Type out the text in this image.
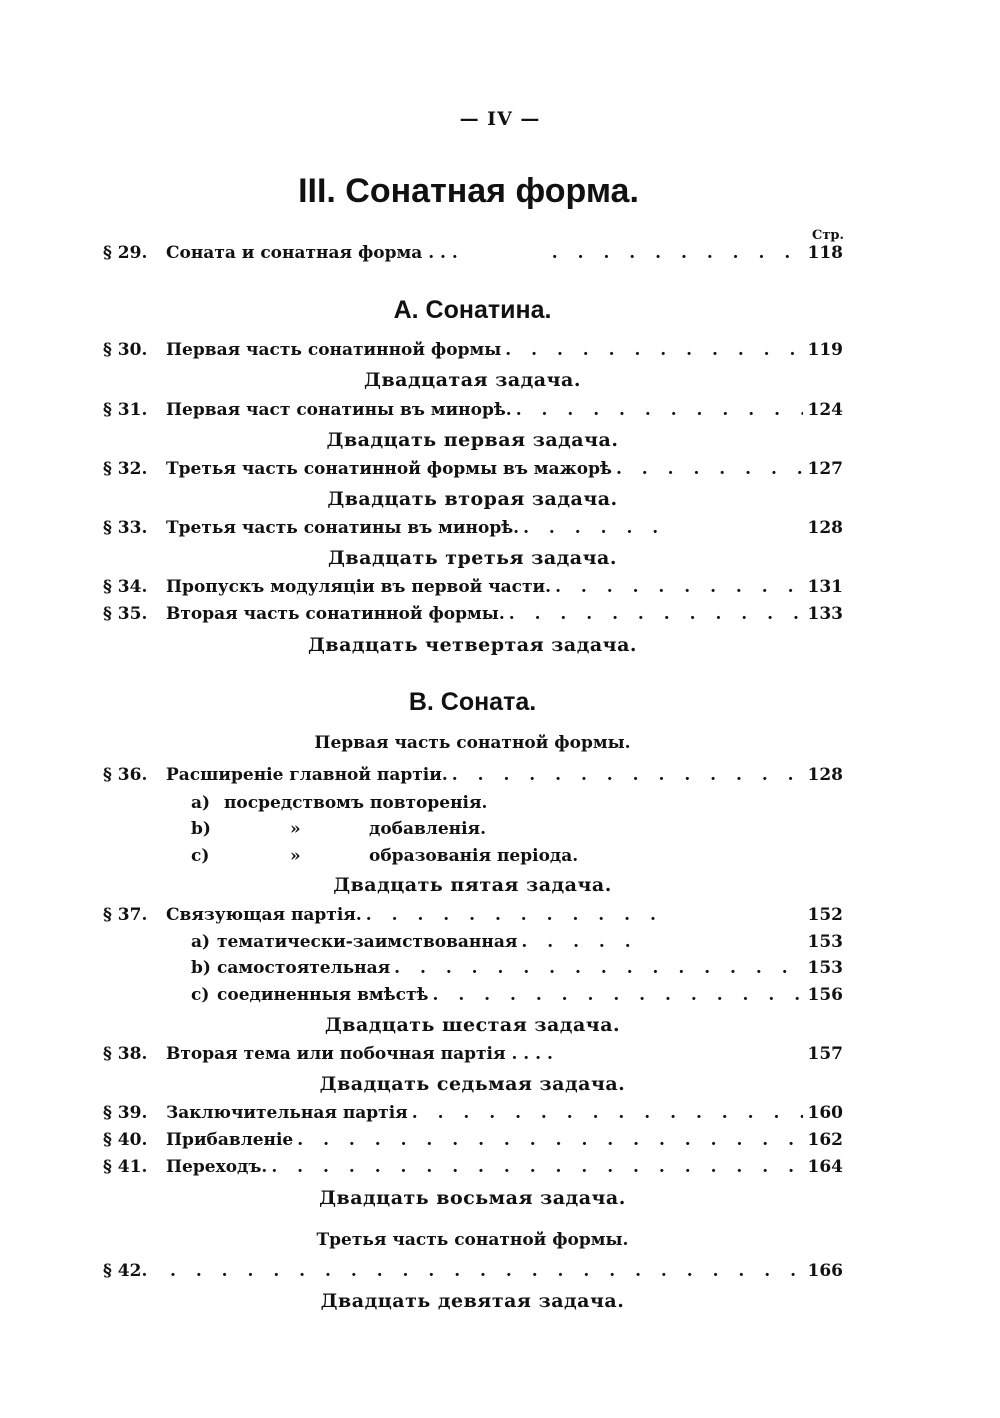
— IV —
III. Сонатная форма.
Стр.
§ 29.	Соната и сонатная форма . . . . . .	118
А. Сонатина.
§ 30.	Первая часть сонатинной формы . . .	119
Двадцатая задача.
§ 31.	Первая част сонатины въ минорѣ. . . .	124
Двадцать первая задача.
§ 32.	Третья часть сонатинной формы въ мажорѣ . . .	127
Двадцать вторая задача.
§ 33.	Третья часть сонатины въ минорѣ. . . .	128
Двадцать третья задача.
§ 34.	Пропускъ модуляціи въ первой части. . . .	131
§ 35.	Вторая часть сонатинной формы. . . .	133
Двадцать четвертая задача.
В. Соната.
Первая часть сонатной формы.
§ 36.	Расширеніе главной партіи. . . .	128
a) посредствомъ повторенія.
b)	»	добавленія.
c)	»	образованія періода.
Двадцать пятая задача.
§ 37.	Связующая партія. . . .	152
a) тематически-заимствованная . . .	153
b) самостоятельная . . .	153
c) соединенныя вмѣстѣ . . .	156
Двадцать шестая задача.
§ 38.	Вторая тема или побочная партія . . . .	157
Двадцать седьмая задача.
§ 39.	Заключительная партія . . .	160
§ 40.	Прибавленіе . . .	162
§ 41.	Переходъ. . . .	164
Двадцать восьмая задача.
Третья часть сонатной формы.
§ 42. . . .	166
Двадцать девятая задача.
